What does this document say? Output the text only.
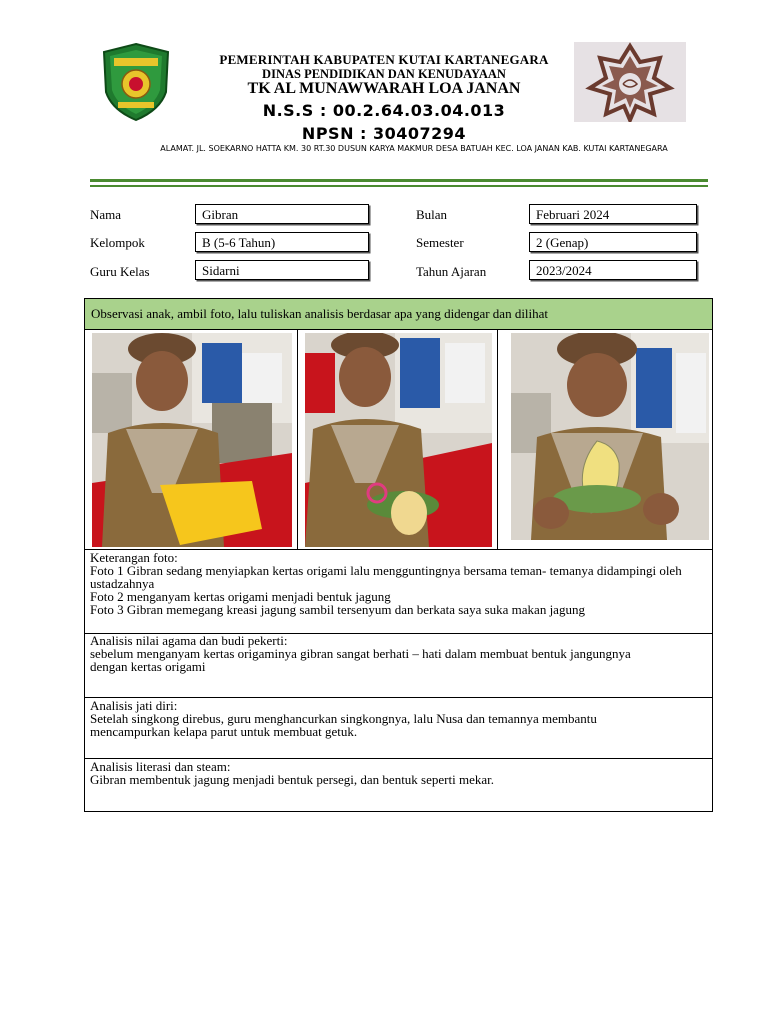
PEMERINTAH KABUPATEN KUTAI KARTANEGARA
DINAS PENDIDIKAN DAN KENUDAYAAN
TK AL MUNAWWARAH LOA JANAN
N.S.S : 00.2.64.03.04.013
NPSN : 30407294
ALAMAT. JL. SOEKARNO HATTA KM. 30 RT.30 DUSUN KARYA MAKMUR DESA BATUAH KEC. LOA JANAN KAB. KUTAI KARTANEGARA
Nama	Gibran
Kelompok	B (5-6 Tahun)
Guru Kelas	Sidarni
Bulan	Februari 2024
Semester	2 (Genap)
Tahun Ajaran	2023/2024
Observasi anak, ambil foto, lalu tuliskan analisis berdasar apa yang didengar dan dilihat
Keterangan foto:
Foto 1 Gibran sedang menyiapkan kertas origami lalu mengguntingnya bersama teman- temanya didampingi oleh ustadzahnya
Foto 2 menganyam kertas origami menjadi bentuk jagung
Foto 3 Gibran memegang kreasi jagung sambil tersenyum dan berkata saya suka makan jagung
Analisis nilai agama dan budi pekerti:
sebelum menganyam kertas origaminya gibran sangat berhati – hati dalam membuat bentuk jangungnya dengan kertas origami
Analisis jati diri:
Setelah singkong direbus, guru menghancurkan singkongnya, lalu Nusa dan temannya membantu mencampurkan kelapa parut untuk membuat getuk.
Analisis literasi dan steam:
Gibran membentuk jagung menjadi bentuk persegi, dan bentuk seperti mekar.
